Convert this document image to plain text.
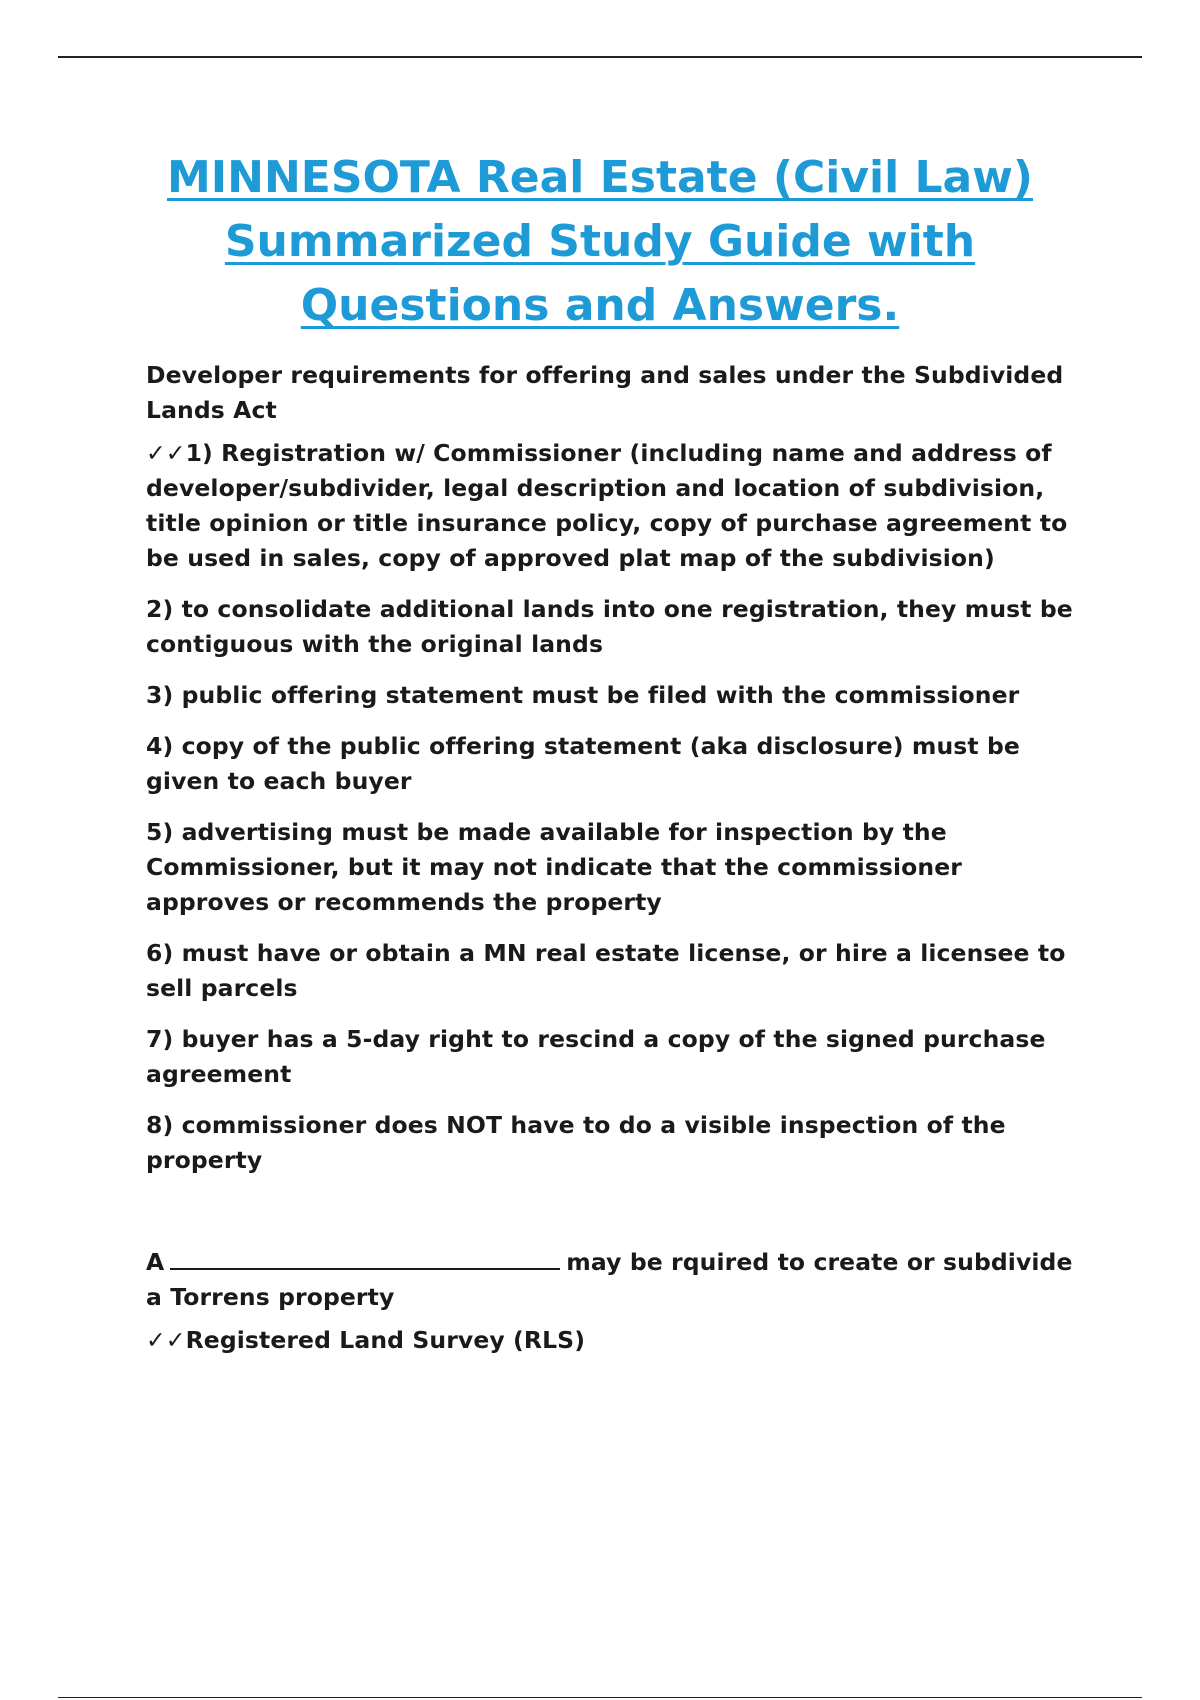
MINNESOTA Real Estate (Civil Law)
Summarized Study Guide with
Questions and Answers.

Developer requirements for offering and sales under the Subdivided Lands Act

✓✓1) Registration w/ Commissioner (including name and address of developer/subdivider, legal description and location of subdivision, title opinion or title insurance policy, copy of purchase agreement to be used in sales, copy of approved plat map of the subdivision)

2) to consolidate additional lands into one registration, they must be contiguous with the original lands

3) public offering statement must be filed with the commissioner

4) copy of the public offering statement (aka disclosure) must be given to each buyer

5) advertising must be made available for inspection by the Commissioner, but it may not indicate that the commissioner approves or recommends the property

6) must have or obtain a MN real estate license, or hire a licensee to sell parcels

7) buyer has a 5-day right to rescind a copy of the signed purchase agreement

8) commissioner does NOT have to do a visible inspection of the property

A	may be rquired to create or subdivide a Torrens property

✓✓Registered Land Survey (RLS)
